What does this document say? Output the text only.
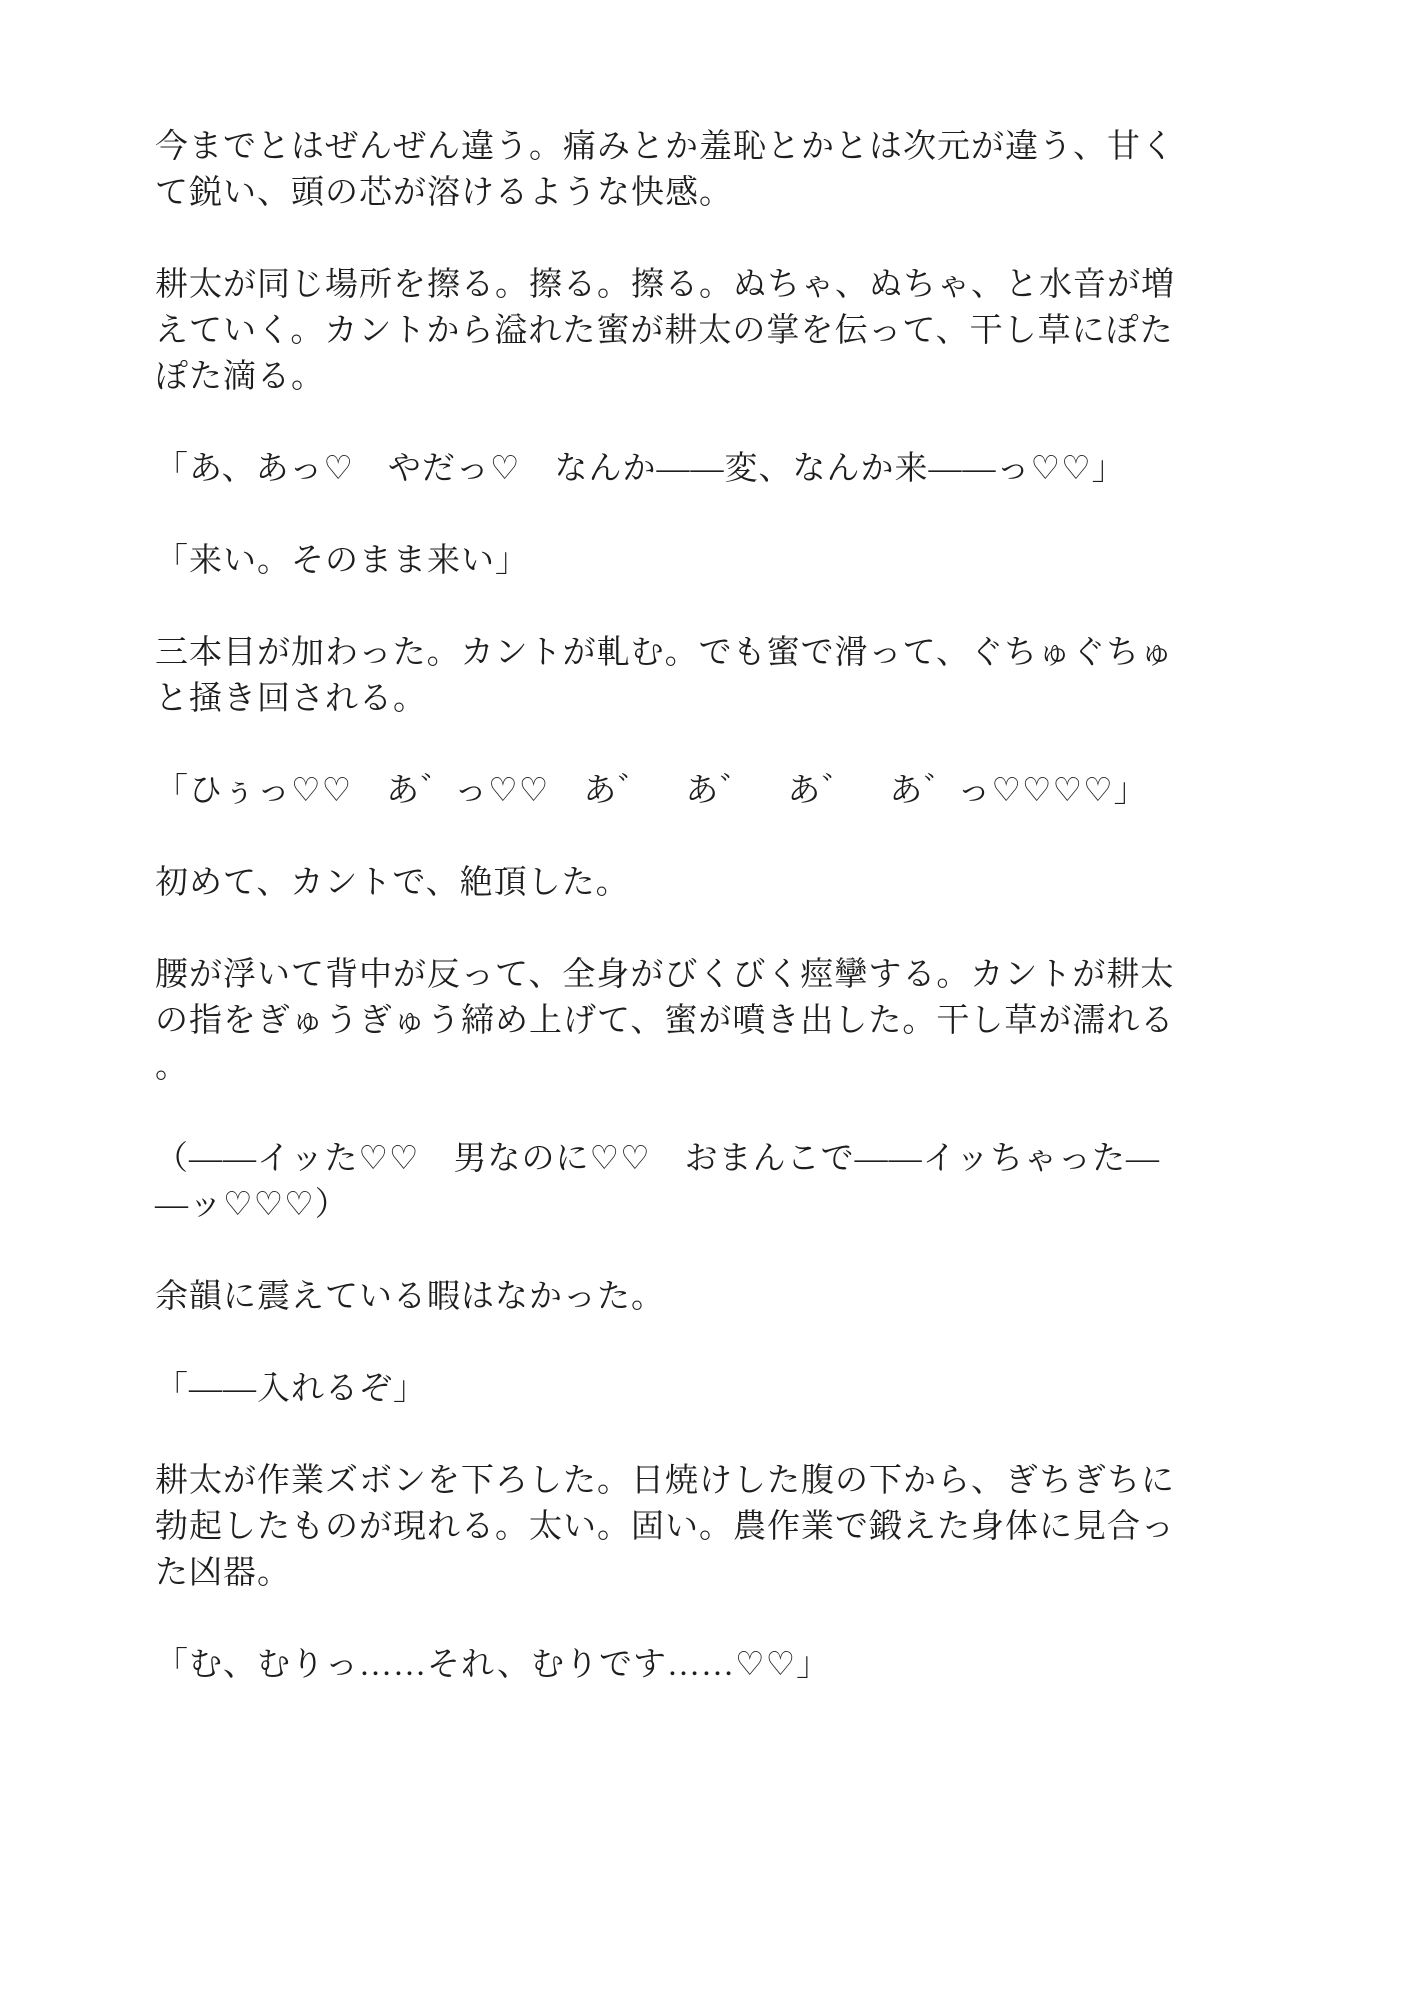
今までとはぜんぜん違う。痛みとか羞恥とかとは次元が違う、甘く
て鋭い、頭の芯が溶けるような快感。
耕太が同じ場所を擦る。擦る。擦る。ぬちゃ、ぬちゃ、と水音が増
えていく。カントから溢れた蜜が耕太の掌を伝って、干し草にぽた
ぽた滴る。
「あ、あっ♡　やだっ♡　なんか——変、なんか来——っ♡♡」
「来い。そのまま来い」
三本目が加わった。カントが軋む。でも蜜で滑って、ぐちゅぐちゅ
と掻き回される。
「ひぅっ♡♡　あ゛っ♡♡　あ゛　あ゛　あ゛　あ゛っ♡♡♡♡」
初めて、カントで、絶頂した。
腰が浮いて背中が反って、全身がびくびく痙攣する。カントが耕太
の指をぎゅうぎゅう締め上げて、蜜が噴き出した。干し草が濡れる
。
（——イッた♡♡　男なのに♡♡　おまんこで——イッちゃった—
—ッ♡♡♡）
余韻に震えている暇はなかった。
「——入れるぞ」
耕太が作業ズボンを下ろした。日焼けした腹の下から、ぎちぎちに
勃起したものが現れる。太い。固い。農作業で鍛えた身体に見合っ
た凶器。
「む、むりっ……それ、むりです……♡♡」
